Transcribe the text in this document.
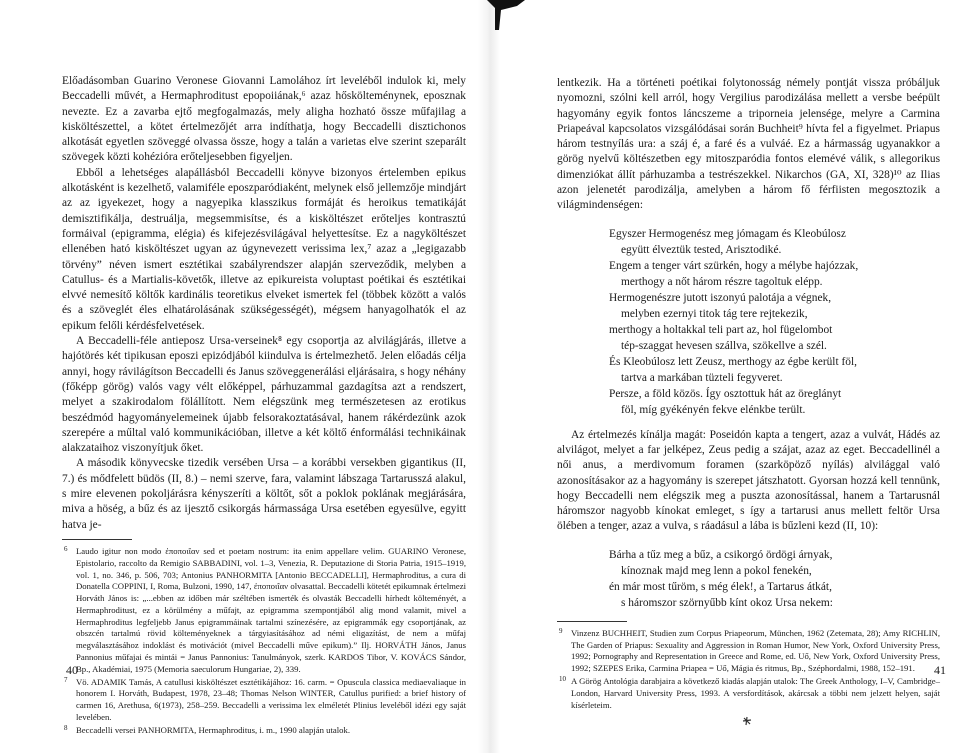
Előadásomban Guarino Veronese Giovanni Lamolához írt leveléből indulok ki, mely Beccadelli művét, a Hermaphroditust epopoiiának,⁶ azaz hőskölteménynek, eposznak nevezte. Ez a zavarba ejtő megfogalmazás, mely aligha hozható össze műfajilag a kisköltészettel, a kötet értelmezőjét arra indíthatja, hogy Beccadelli disztichonos alkotását egyetlen szöveggé olvassa össze, hogy a talán a varietas elve szerint szeparált szövegek közti kohézióra erőteljesebben figyeljen.

Ebből a lehetséges alapállásból Beccadelli könyve bizonyos értelemben epikus alkotásként is kezelhető, valamiféle eposzparódiaként, melynek első jellemzője mindjárt az az igyekezet, hogy a nagyepika klasszikus formáját és heroikus tematikáját demisztifikálja, destruálja, megsemmisítse, és a kisköltészet erőteljes kontrasztú formáival (epigramma, elégia) és kifejezésvilágával helyettesítse. Ez a nagyköltészet ellenében ható kisköltészet ugyan az úgynevezett verissima lex,⁷ azaz a „legigazabb törvény” néven ismert esztétikai szabályrendszer alapján szerveződik, melyben a Catullus- és a Martialis-követők, illetve az epikureista voluptast poétikai és esztétikai elvvé nemesítő költők kardinális teoretikus elveket ismertek fel (többek között a valós és a szöveglét éles elhatárolásának szükségességét), mégsem hanyagolhatók el az epikum felőli kérdésfelvetések.

A Beccadelli-féle antieposz Ursa-verseinek⁸ egy csoportja az alvilágjárás, illetve a hajótörés két tipikusan eposzi epizódjából kiindulva is értelmezhető. Jelen előadás célja annyi, hogy rávilágítson Beccadelli és Janus szöveggenerálási eljárásaira, s hogy néhány (főképp görög) valós vagy vélt előképpel, párhuzammal gazdagítsa azt a rendszert, melyet a szakirodalom fölállított. Nem elégszünk meg természetesen az erotikus beszédmód hagyományelemeinek újabb felsorakoztatásával, hanem rákérdezünk azok szerepére a műltal való kommunikációban, illetve a két költő énformálási technikáinak alakzataihoz viszonyítjuk őket.

A második könyvecske tizedik versében Ursa – a korábbi versekben gigantikus (II, 7.) és mődfelett büdös (II, 8.) – nemi szerve, fara, valamint lábszaga Tartarusszá alakul, s mire elevenen pokoljárásra kényszeríti a költőt, sőt a poklok poklának megjárására, miva a höség, a bűz és az ijesztő csikorgás hármassága Ursa esetében egyesülve, egyitt hatva je-

6 Laudo igitur non modo ἐποποιΐαν sed et poetam nostrum: ita enim appellare velim. GUARINO Veronese, Epistolario, raccolto da Remigio SABBADINI, vol. 1–3, Venezia, R. Deputazione di Storia Patria, 1915–1919, vol. 1, no. 346, p. 506, 703; Antonius PANHORMITA [Antonio BECCADELLI], Hermaphroditus, a cura di Donatella COPPINI, I, Roma, Bulzoni, 1990, 147, ἐποποιΐαν olvasattal. Beccadelli kötetét epikumnak értelmezi Horváth János is: „...ebben az időben már széltében ismerték és olvasták Beccadelli hírhedt költeményét, a Hermaphroditust, ez a körülmény a műfajt, az epigramma szempontjából alig mond valamit, mivel a Hermaphroditus legfeljebb Janus epigrammáinak tartalmi színezésére, az epigrammák egy csoportjának, az obszcén tartalmú rövid költeményeknek a tárgyiasításához ad némi eligazítást, de nem a műfaj megválasztásához indoklást és motivációt (mivel Beccadelli műve epikum).” Ilj. HORVÁTH János, Janus Pannonius műfajai és mintái = Janus Pannonius: Tanulmányok, szerk. KARDOS Tibor, V. KOVÁCS Sándor, Bp., Akadémiai, 1975 (Memoria saeculorum Hungariae, 2), 339.

7 Vö. ADAMIK Tamás, A catullusi kisköltészet esztétikájához: 16. carm. = Opuscula classica mediaevaliaque in honorem I. Horváth, Budapest, 1978, 23–48; Thomas Nelson WINTER, Catullus purified: a brief history of carmen 16, Arethusa, 6(1973), 258–259. Beccadelli a verissima lex elméletét Plinius leveléből idézi egy saját levelében.

8 Beccadelli versei PANHORMITA, Hermaphroditus, i. m., 1990 alapján utalok.

40

lentkezik. Ha a történeti poétikai folytonosság némely pontját vissza próbáljuk nyomozni, szólni kell arról, hogy Vergilius parodizálása mellett a versbe beépült hagyomány egyik fontos láncszeme a triporneia jelensége, melyre a Carmina Priapeával kapcsolatos vizsgálódásai során Buchheit⁹ hívta fel a figyelmet. Priapus három testnyílás ura: a száj é, a faré és a vulváé. Ez a hármasság ugyanakkor a görög nyelvű költészetben egy mitoszparódia fontos elemévé válik, s allegorikus dimenziókat állít párhuzamba a testrészekkel. Nikarchos (GA, XI, 328)¹⁰ az Ilias azon jelenetét parodizálja, amelyben a három fő férfiisten megosztozik a világmindenségen:

Egyszer Hermogenész meg jómagam és Kleobúlosz
együtt élveztük tested, Arisztodiké.
Engem a tenger várt szürkén, hogy a mélybe hajózzak,
merthogy a nőt három részre tagoltuk elépp.
Hermogenészre jutott iszonyú palotája a végnek,
melyben ezernyi titok tág tere rejtekezik,
merthogy a holtakkal teli part az, hol fügelombot
tép-szaggat hevesen szállva, szökellve a szél.
És Kleobúlosz lett Zeusz, merthogy az égbe került föl,
tartva a markában tüzteli fegyveret.
Persze, a föld közös. Így osztottuk hát az öreglányt
föl, míg gyékényén fekve elénkbe terült.

Az értelmezés kínálja magát: Poseidón kapta a tengert, azaz a vulvát, Hádés az alvilágot, melyet a far jelképez, Zeus pedig a szájat, azaz az eget. Beccadellinél a női anus, a merdivomum foramen (szarköpöző nyílás) alvilággal való azonosításakor az a hagyomány is szerepet játszhatott. Gyorsan hozzá kell tennünk, hogy Beccadelli nem elégszik meg a puszta azonosítással, hanem a Tartarusnál háromszor nagyobb kínokat emleget, s így a tartarusi anus mellett feltör Ursa ölében a tenger, azaz a vulva, s ráadásul a lába is bűzleni kezd (II, 10):

Bárha a tűz meg a bűz, a csikorgó ördögi árnyak,
kínoznak majd meg lenn a pokol fenekén,
én már most tűröm, s még élek!, a Tartarus átkát,
s háromszor szörnyűbb kínt okoz Ursa nekem:

9 Vinzenz BUCHHEIT, Studien zum Corpus Priapeorum, München, 1962 (Zetemata, 28); Amy RICHLIN, The Garden of Priapus: Sexuality and Aggression in Roman Humor, New York, Oxford University Press, 1992; Pornography and Representation in Greece and Rome, ed. Uő, New York, Oxford University Press, 1992; SZEPES Erika, Carmina Priapea = Uő, Mágia és ritmus, Bp., Széphordalmi, 1988, 152–191.

10 A Görög Antológia darabjaira a következő kiadás alapján utalok: The Greek Anthology, I–V, Cambridge–London, Harvard University Press, 1993. A versfordítások, akárcsak a többi nem jelzett helyen, saját kísérleteim.

41
